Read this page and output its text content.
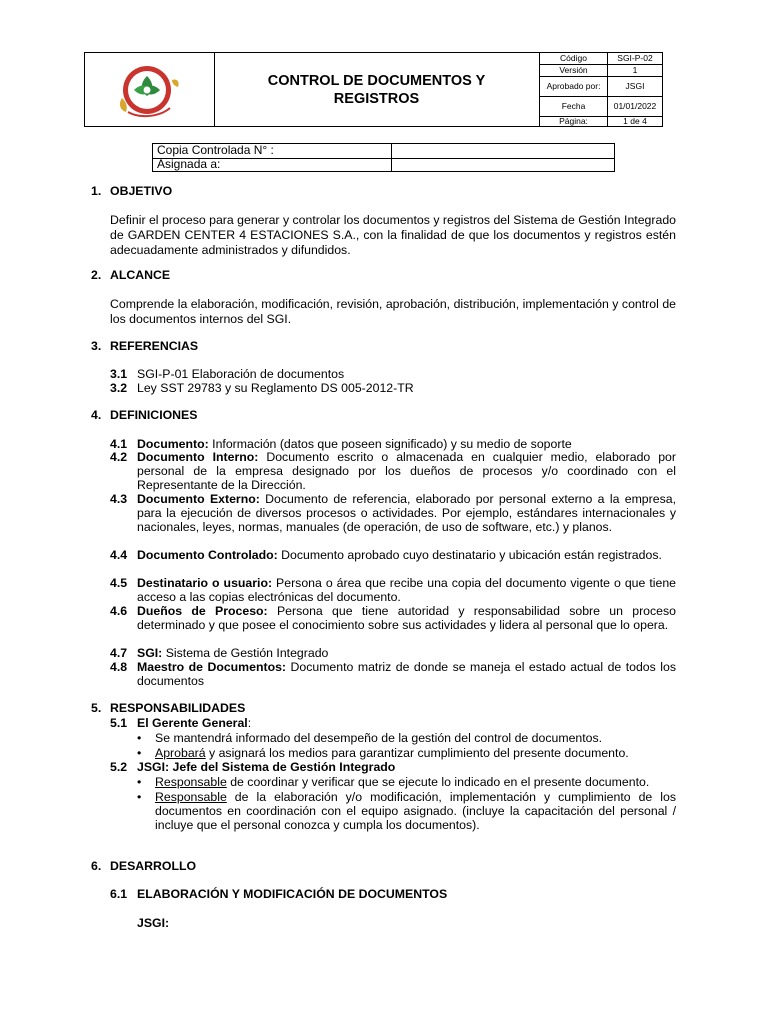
CONTROL DE DOCUMENTOS Y
REGISTROS
Código	SGI-P-02
Versión	1
Aprobado por:	JSGI
Fecha	01/01/2022
Página:	1 de 4
Copia Controlada N° :
Asignada a:
1. OBJETIVO
Definir el proceso para generar y controlar los documentos y registros del Sistema de Gestión Integrado de GARDEN CENTER 4 ESTACIONES S.A., con la finalidad de que los documentos y registros estén adecuadamente administrados y difundidos.
2. ALCANCE
Comprende la elaboración, modificación, revisión, aprobación, distribución, implementación y control de los documentos internos del SGI.
3. REFERENCIAS
3.1 SGI-P-01 Elaboración de documentos
3.2 Ley SST 29783 y su Reglamento DS 005-2012-TR
4. DEFINICIONES
4.1 Documento: Información (datos que poseen significado) y su medio de soporte
4.2 Documento Interno: Documento escrito o almacenada en cualquier medio, elaborado por personal de la empresa designado por los dueños de procesos y/o coordinado con el Representante de la Dirección.
4.3 Documento Externo: Documento de referencia, elaborado por personal externo a la empresa, para la ejecución de diversos procesos o actividades. Por ejemplo, estándares internacionales y nacionales, leyes, normas, manuales (de operación, de uso de software, etc.) y planos.
4.4 Documento Controlado: Documento aprobado cuyo destinatario y ubicación están registrados.
4.5 Destinatario o usuario: Persona o área que recibe una copia del documento vigente o que tiene acceso a las copias electrónicas del documento.
4.6 Dueños de Proceso: Persona que tiene autoridad y responsabilidad sobre un proceso determinado y que posee el conocimiento sobre sus actividades y lidera al personal que lo opera.
4.7 SGI: Sistema de Gestión Integrado
4.8 Maestro de Documentos: Documento matriz de donde se maneja el estado actual de todos los documentos
5. RESPONSABILIDADES
5.1 El Gerente General:
• Se mantendrá informado del desempeño de la gestión del control de documentos.
• Aprobará y asignará los medios para garantizar cumplimiento del presente documento.
5.2 JSGI: Jefe del Sistema de Gestión Integrado
• Responsable de coordinar y verificar que se ejecute lo indicado en el presente documento.
• Responsable de la elaboración y/o modificación, implementación y cumplimiento de los documentos en coordinación con el equipo asignado. (incluye la capacitación del personal / incluye que el personal conozca y cumpla los documentos).
6. DESARROLLO
6.1 ELABORACIÓN Y MODIFICACIÓN DE DOCUMENTOS
JSGI:
